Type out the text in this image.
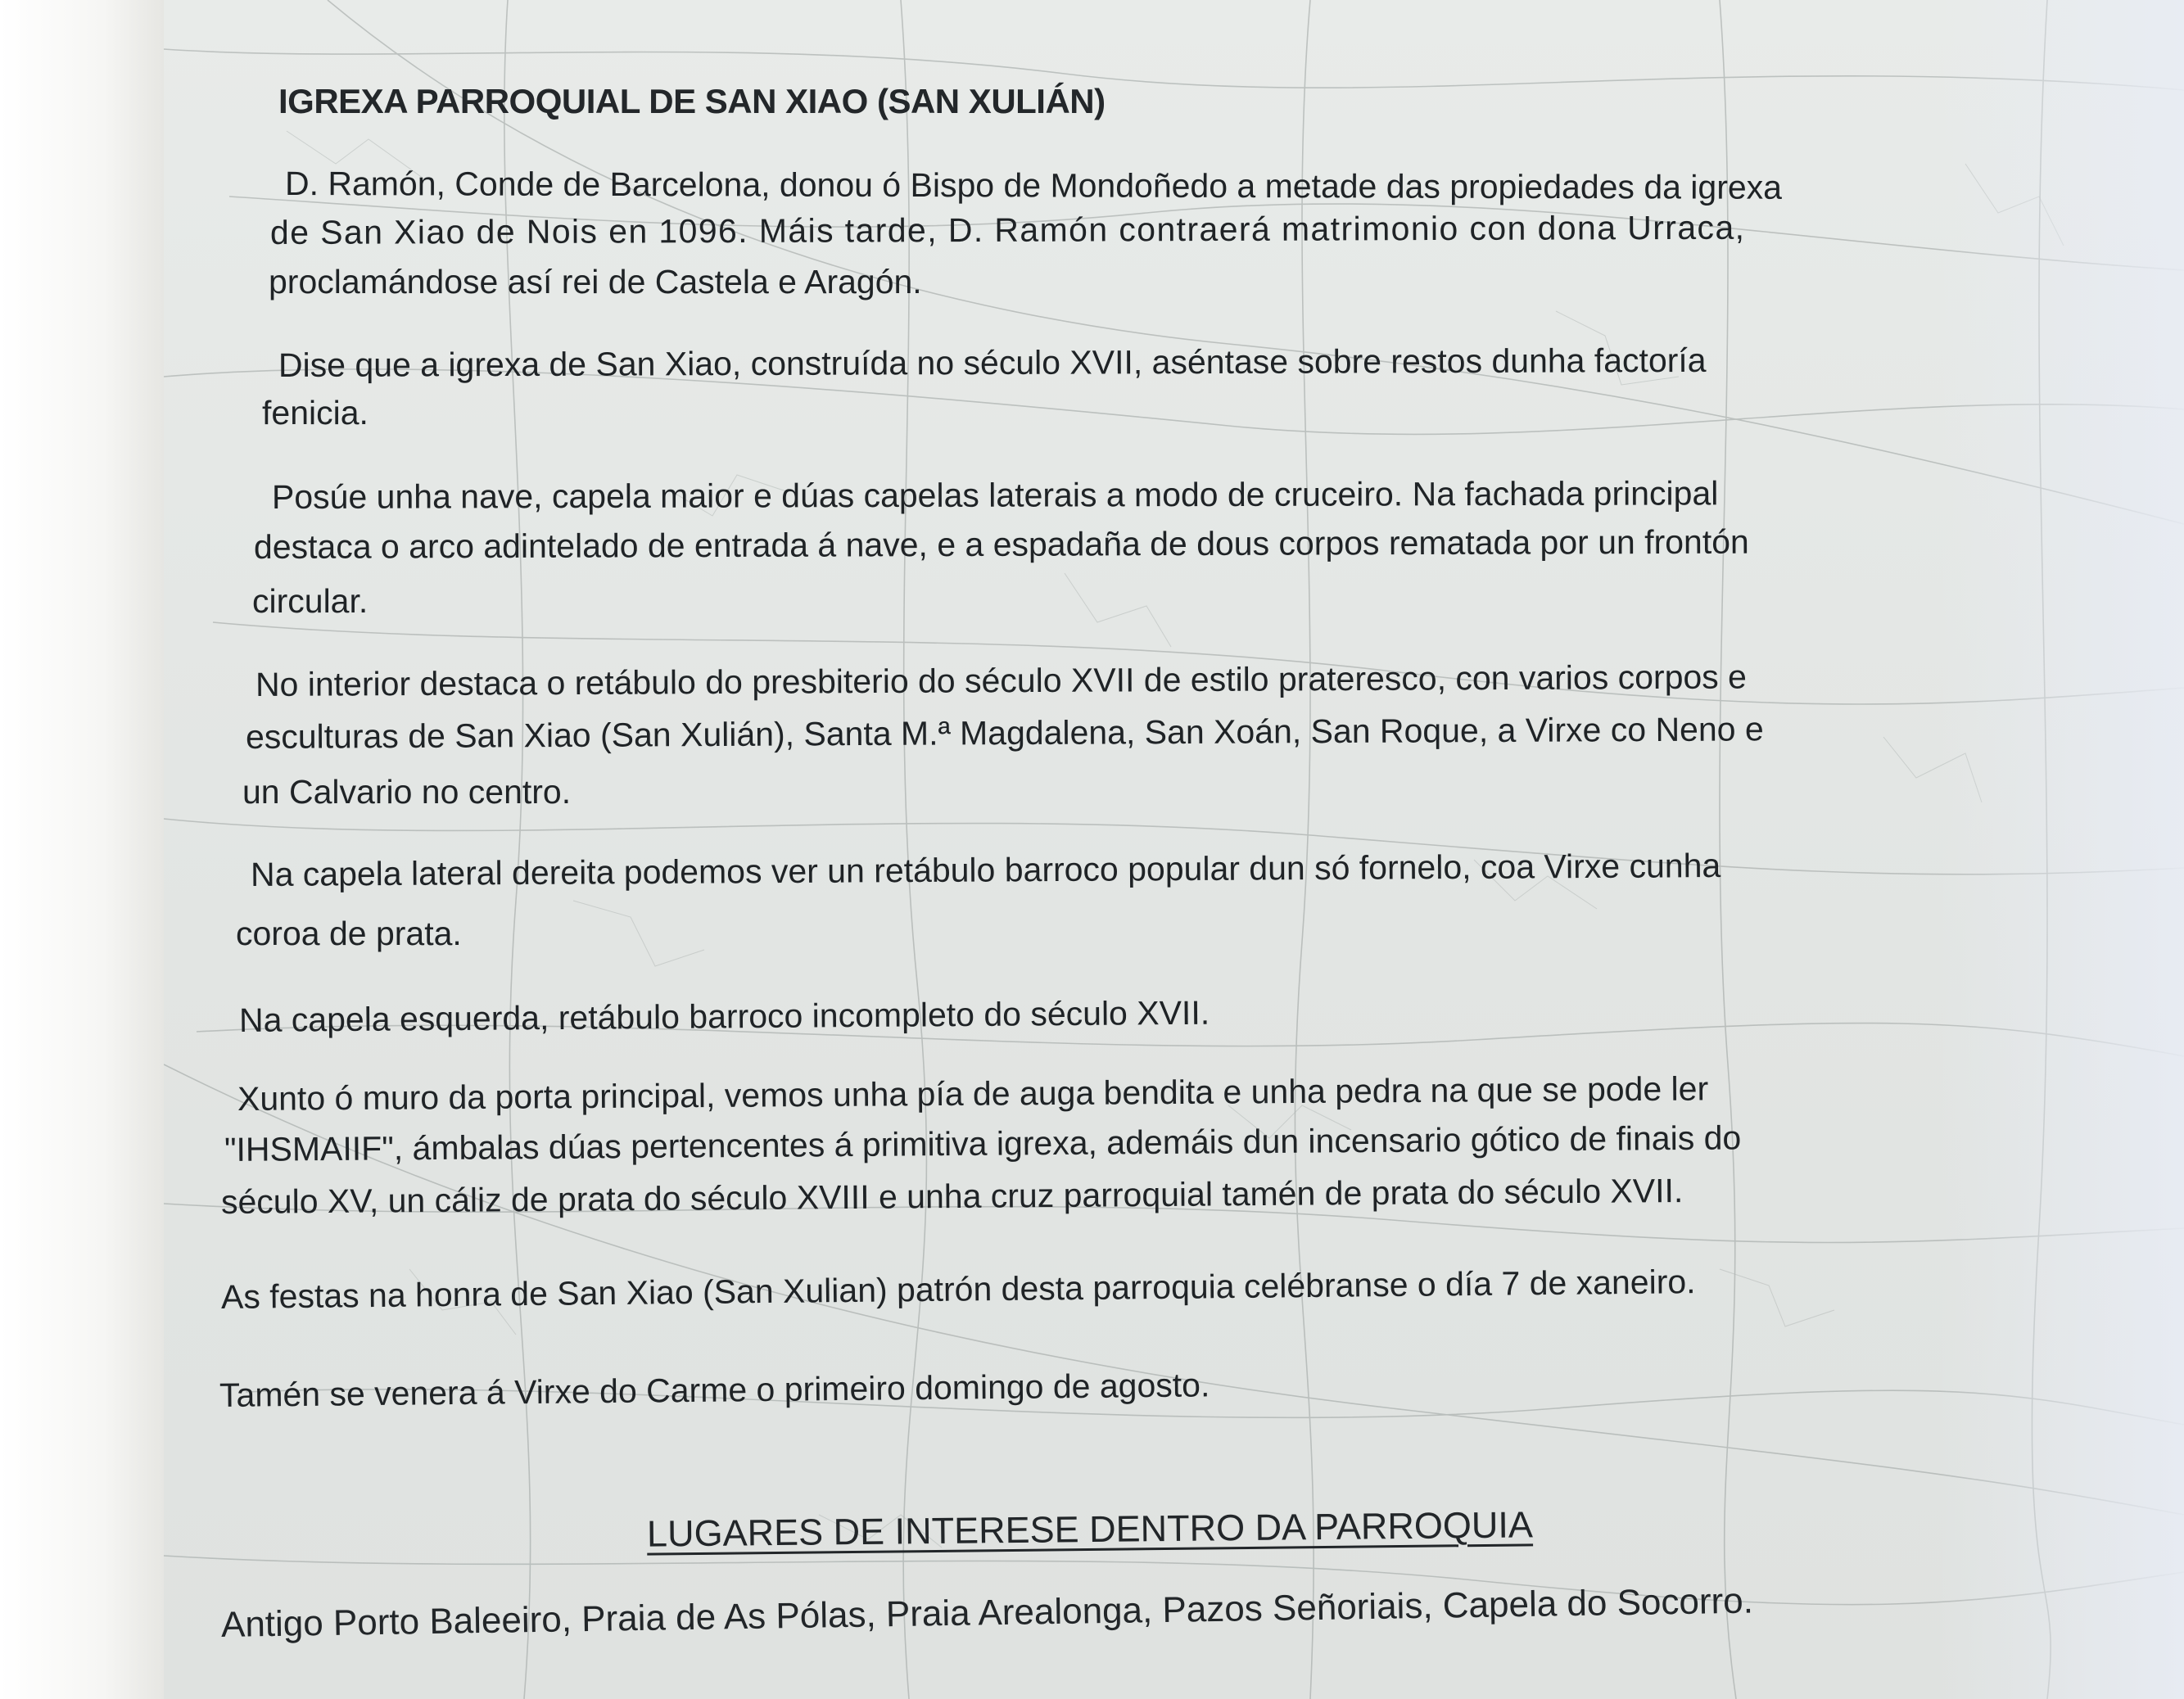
IGREXA PARROQUIAL DE SAN XIAO (SAN XULIÁN)

D. Ramón, Conde de Barcelona, donou ó Bispo de Mondoñedo a metade das propiedades da igrexa

de San Xiao de Nois en 1096. Máis tarde, D. Ramón contraerá matrimonio con dona Urraca,

proclamándose así rei de Castela e Aragón.

Dise que a igrexa de San Xiao, construída no século XVII, aséntase sobre restos dunha factoría

fenicia.

Posúe unha nave, capela maior e dúas capelas laterais a modo de cruceiro. Na fachada principal

destaca o arco adintelado de entrada á nave, e a espadaña de dous corpos rematada por un frontón

circular.

No interior destaca o retábulo do presbiterio do século XVII de estilo prateresco, con varios corpos e

esculturas de San Xiao (San Xulián), Santa M.ª Magdalena, San Xoán, San Roque, a Virxe co Neno e

un Calvario no centro.

Na capela lateral dereita podemos ver un retábulo barroco popular dun só fornelo, coa Virxe cunha

coroa de prata.

Na capela esquerda, retábulo barroco incompleto do século XVII.

Xunto ó muro da porta principal, vemos unha pía de auga bendita e unha pedra na que se pode ler

"IHSMAIIF", ámbalas dúas pertencentes á primitiva igrexa, ademáis dun incensario gótico de finais do

século XV, un cáliz de prata do século XVIII e unha cruz parroquial tamén de prata do século XVII.

As festas na honra de San Xiao (San Xulian) patrón desta parroquia celébranse o día 7 de xaneiro.

Tamén se venera á Virxe do Carme o primeiro domingo de agosto.

LUGARES DE INTERESE DENTRO DA PARROQUIA

Antigo Porto Baleeiro, Praia de As Pólas, Praia Arealonga, Pazos Señoriais, Capela do Socorro.
